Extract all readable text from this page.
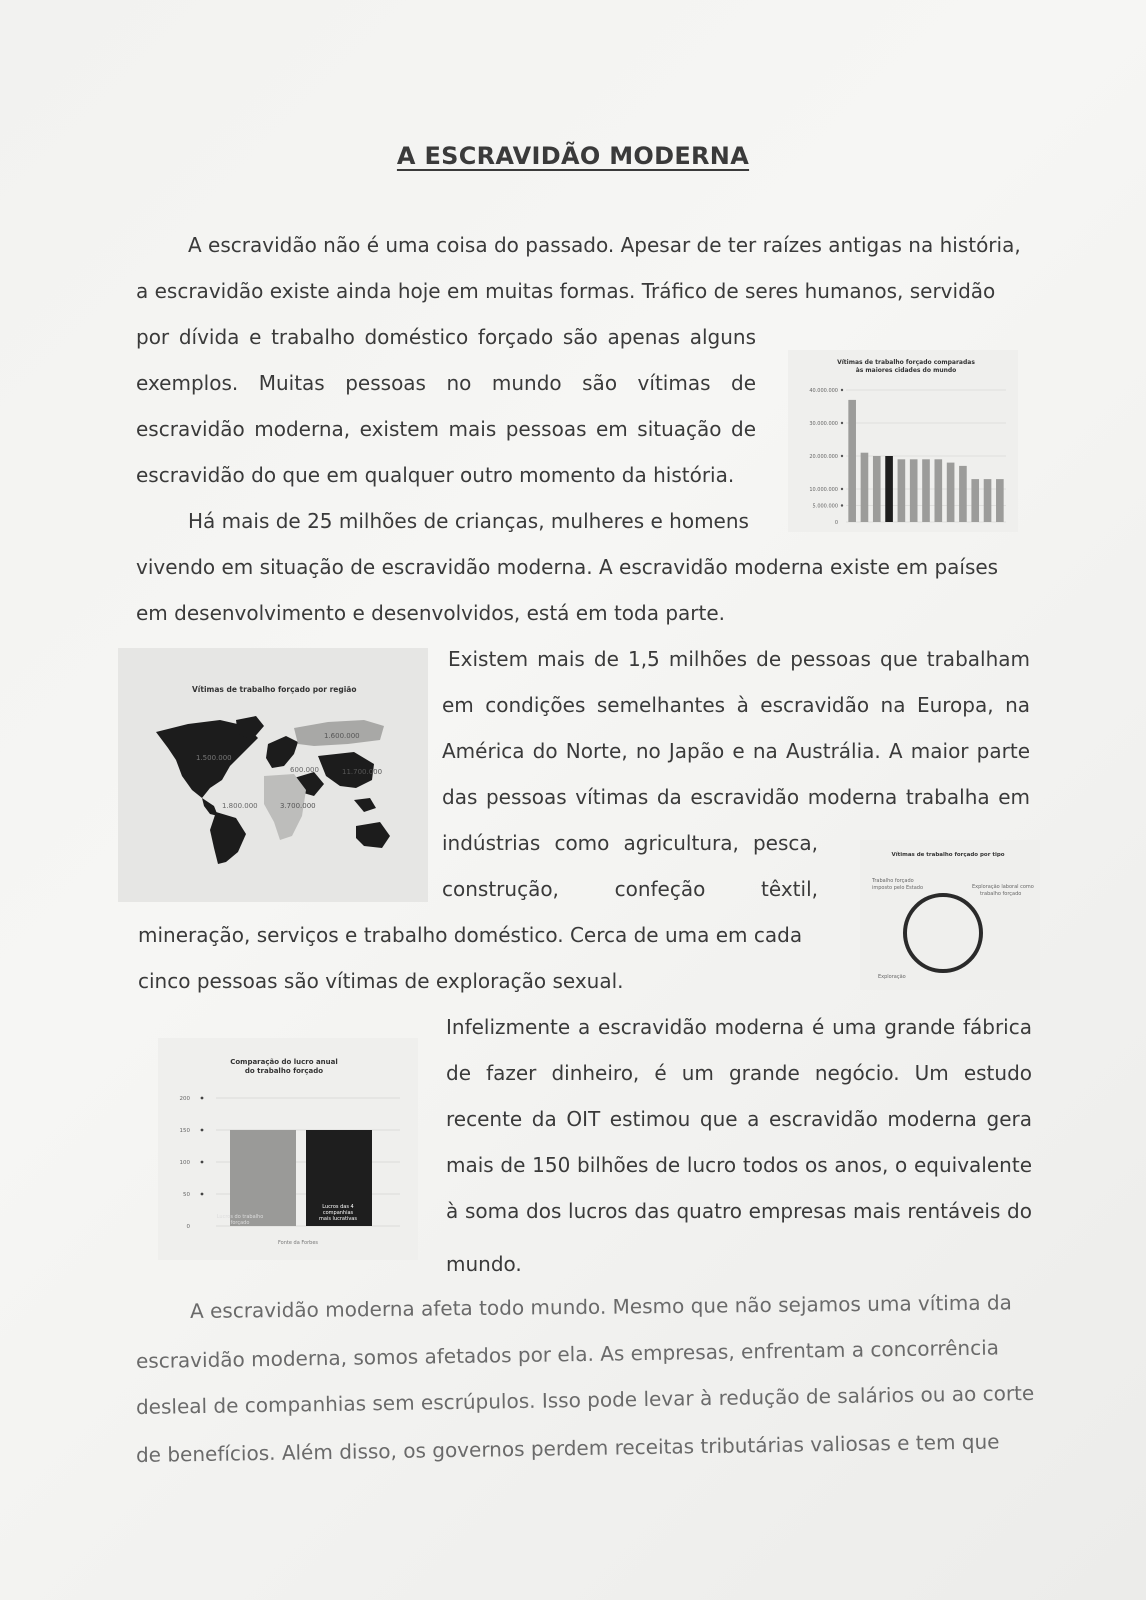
A ESCRAVIDÃO MODERNA
A escravidão não é uma coisa do passado. Apesar de ter raízes antigas na história,
a escravidão existe ainda hoje em muitas formas. Tráfico de seres humanos, servidão
por dívida e trabalho doméstico forçado são apenas alguns
exemplos. Muitas pessoas no mundo são vítimas de
escravidão moderna, existem mais pessoas em situação de
escravidão do que em qualquer outro momento da história.
Há mais de 25 milhões de crianças, mulheres e homens
vivendo em situação de escravidão moderna. A escravidão moderna existe em países
em desenvolvimento e desenvolvidos, está em toda parte.
Existem mais de 1,5 milhões de pessoas que trabalham
em condições semelhantes à escravidão na Europa, na
América do Norte, no Japão e na Austrália. A maior parte
das pessoas vítimas da escravidão moderna trabalha em
indústrias como agricultura, pesca,
construção, confeção têxtil,
mineração, serviços e trabalho doméstico. Cerca de uma em cada
cinco pessoas são vítimas de exploração sexual.
Infelizmente a escravidão moderna é uma grande fábrica
de fazer dinheiro, é um grande negócio. Um estudo
recente da OIT estimou que a escravidão moderna gera
mais de 150 bilhões de lucro todos os anos, o equivalente
à soma dos lucros das quatro empresas mais rentáveis do
mundo.
A escravidão moderna afeta todo mundo. Mesmo que não sejamos uma vítima da
escravidão moderna, somos afetados por ela. As empresas, enfrentam a concorrência
desleal de companhias sem escrúpulos. Isso pode levar à redução de salários ou ao corte
de benefícios. Além disso, os governos perdem receitas tributárias valiosas e tem que
Vítimas de trabalho forçado comparadas
às maiores cidades do mundo
40.000.000
30.000.000
20.000.000
10.000.000
5.000.000
0
Vítimas de trabalho forçado por região
1.600.000
1.500.000
600.000	11.700.000
1.800.000	3.700.000
Vítimas de trabalho forçado por tipo
Trabalho forçado
imposto pelo Estado	Exploração laboral como
trabalho forçado
Exploração
Comparação do lucro anual
do trabalho forçado
200
150
100
50
0
Lucros do trabalho
forçado
Lucros das 4
companhias
mais lucrativas
Fonte da Forbes
